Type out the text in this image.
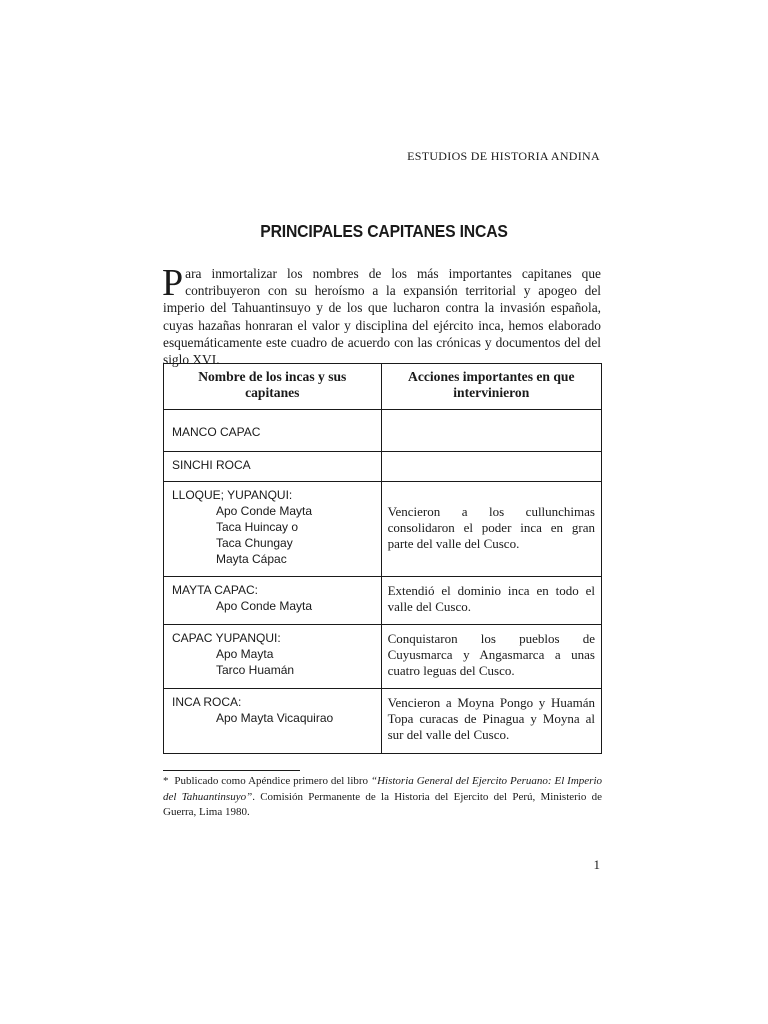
ESTUDIOS DE HISTORIA ANDINA
PRINCIPALES CAPITANES INCAS

Para inmortalizar los nombres de los más importantes capitanes que contribuyeron con su heroísmo a la expansión territorial y apogeo del imperio del Tahuantinsuyo y de los que lucharon contra la invasión española, cuyas hazañas honraran el valor y disciplina del ejército inca, hemos elaborado esquemáticamente este cuadro de acuerdo con las crónicas y documentos del del siglo XVI.

Nombre de los incas y sus capitanes	Acciones importantes en que intervinieron

MANCO CAPAC	

SINCHI ROCA	

LLOQUE; YUPANQUI:
Apo Conde Mayta
Taca Huincay o
Taca Chungay
Mayta Cápac	Vencieron a los cullunchimas consolidaron el poder inca en gran parte del valle del Cusco.

MAYTA CAPAC:
Apo Conde Mayta	Extendió el dominio inca en todo el valle del Cusco.

CAPAC YUPANQUI:
Apo Mayta
Tarco Huamán	Conquistaron los pueblos de Cuyusmarca y Angasmarca a unas cuatro leguas del Cusco.

INCA ROCA:
Apo Mayta Vicaquirao	Vencieron a Moyna Pongo y Huamán Topa curacas de Pinagua y Moyna al sur del valle del Cusco.

* Publicado como Apéndice primero del libro “Historia General del Ejercito Peruano: El Imperio del Tahuantinsuyo”. Comisión Permanente de la Historia del Ejercito del Perú, Ministerio de Guerra, Lima 1980.

1
